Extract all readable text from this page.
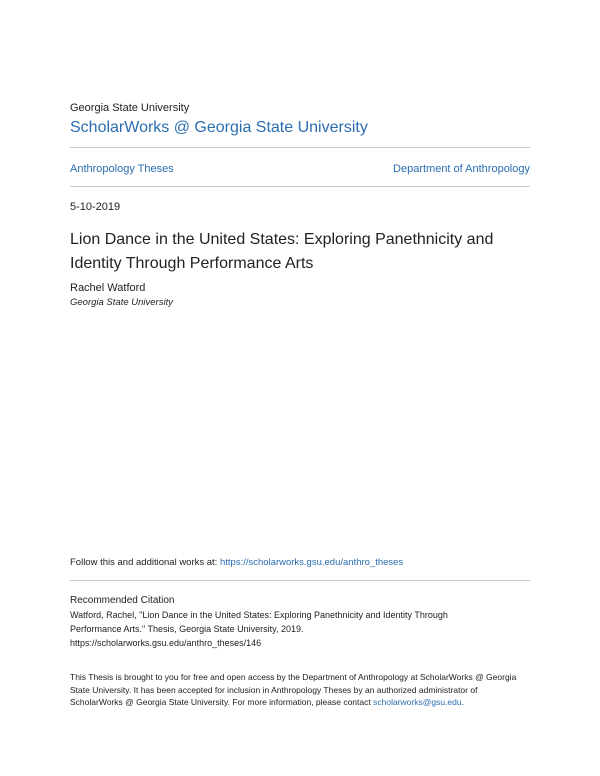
Georgia State University
ScholarWorks @ Georgia State University
Anthropology Theses	Department of Anthropology
5-10-2019
Lion Dance in the United States: Exploring Panethnicity and Identity Through Performance Arts
Rachel Watford
Georgia State University
Follow this and additional works at: https://scholarworks.gsu.edu/anthro_theses
Recommended Citation
Watford, Rachel, "Lion Dance in the United States: Exploring Panethnicity and Identity Through
Performance Arts." Thesis, Georgia State University, 2019.
https://scholarworks.gsu.edu/anthro_theses/146
This Thesis is brought to you for free and open access by the Department of Anthropology at ScholarWorks @ Georgia State University. It has been accepted for inclusion in Anthropology Theses by an authorized administrator of ScholarWorks @ Georgia State University. For more information, please contact scholarworks@gsu.edu.
